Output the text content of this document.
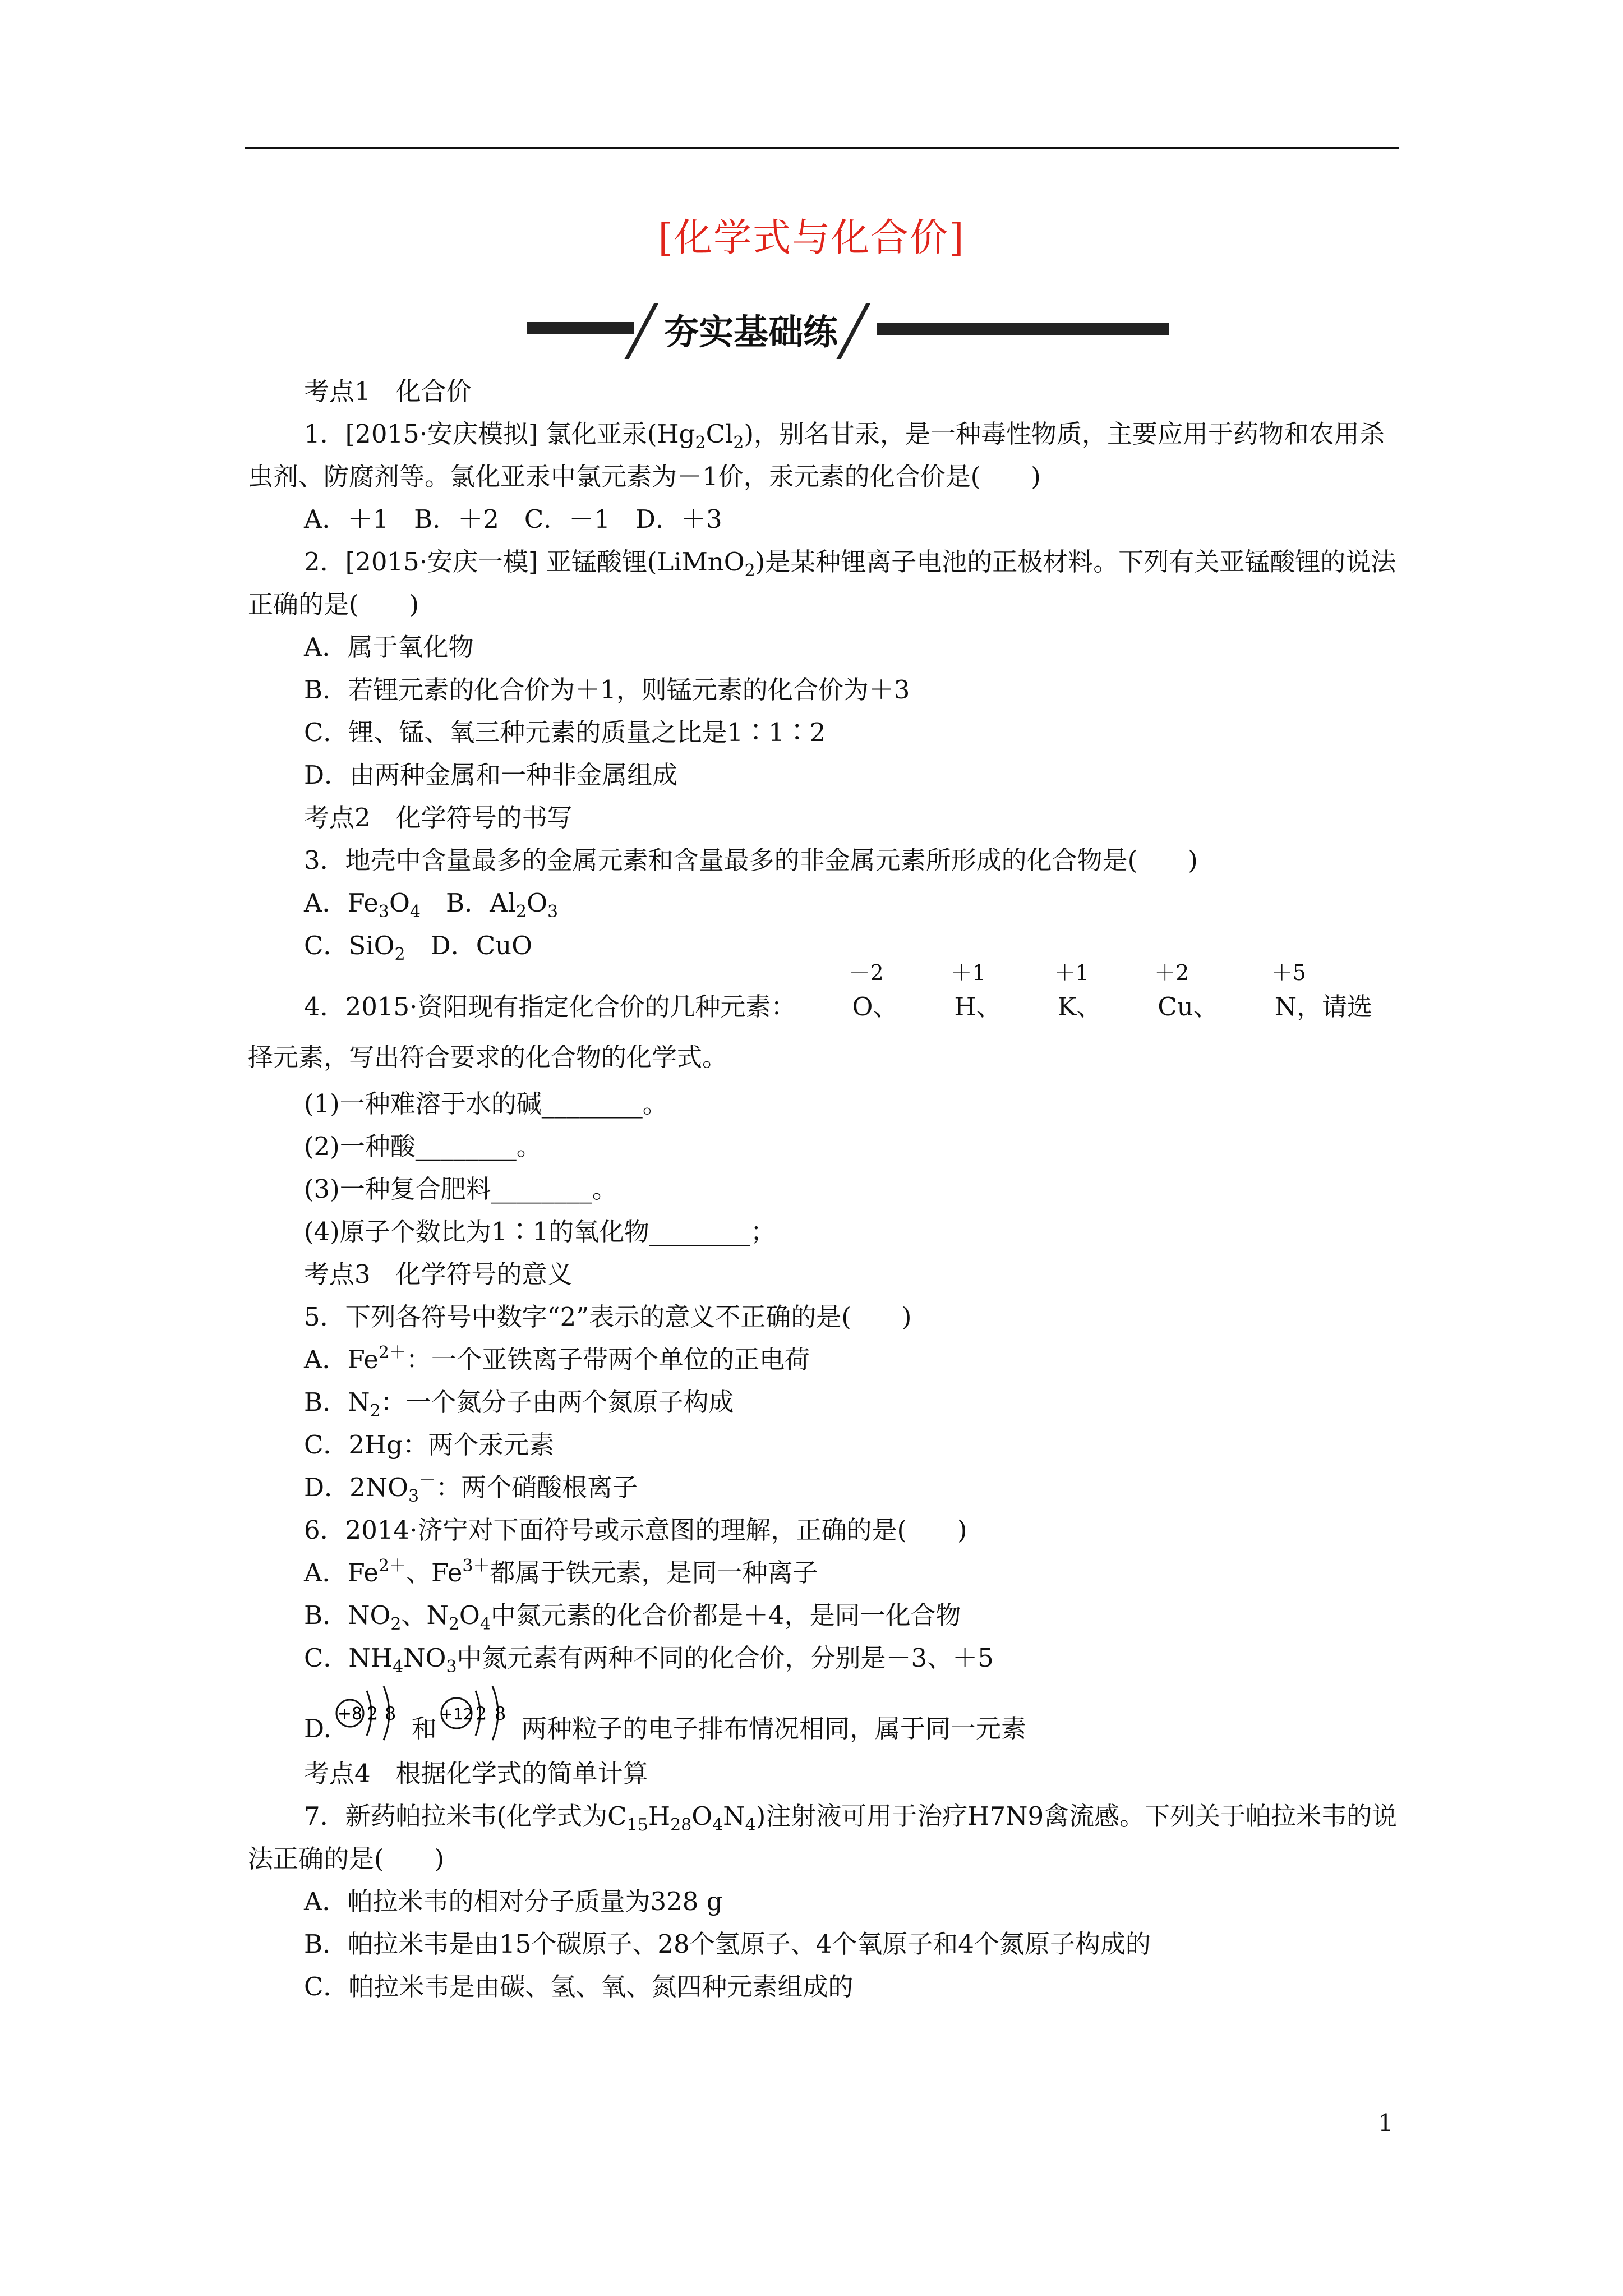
[化学式与化合价]
夯实基础练

考点1　化合价

1．[2015·安庆模拟] 氯化亚汞$(Hg_2Cl_2)$，别名甘汞，是一种毒性物质，主要应用于药物和农用杀虫剂、防腐剂等。氯化亚汞中氯元素为－1价，汞元素的化合价是(　　)

A．＋1　B．＋2　C．－1　D．＋3

2．[2015·安庆一模] 亚锰酸锂(LiMnO$_2$)是某种锂离子电池的正极材料。下列有关亚锰酸锂的说法正确的是(　　)

A．属于氧化物

B．若锂元素的化合价为＋1，则锰元素的化合价为＋3

C．锂、锰、氧三种元素的质量之比是1∶1∶2

D．由两种金属和一种非金属组成

考点2　化学符号的书写

3．地壳中含量最多的金属元素和含量最多的非金属元素所形成的化合物是(　　)

A．$Fe_3O_4$　B．$Al_2O_3$

C．SiO$_2$　D．CuO

4．2015·资阳现有指定化合价的几种元素：
－2
O、
＋1
H、
＋1
K、
＋2
Cu、
＋5
N，请选择元素，写出符合要求的化合物的化学式。

(1)一种难溶于水的碱________。

(2)一种酸________。

(3)一种复合肥料________。

(4)原子个数比为1∶1的氧化物________；

考点3　化学符号的意义

5．下列各符号中数字“2”表示的意义不正确的是(　　)

A．$Fe^{2+}$：一个亚铁离子带两个单位的正电荷

B．$N_2$：一个氮分子由两个氮原子构成

C．2Hg：两个汞元素

D．$2NO_3^-$：两个硝酸根离子

6．2014·济宁对下面符号或示意图的理解，正确的是(　　)

A．$Fe^{2+}$、$Fe^{3+}$都属于铁元素，是同一种离子

B．$NO_2$、$N_2O_4$中氮元素的化合价都是＋4，是同一化合物

C．$NH_4NO_3$中氮元素有两种不同的化合价，分别是－3、＋5

D. +8 2 8 和 +12 2 8 两种粒子的电子排布情况相同，属于同一元素

考点4　根据化学式的简单计算

7．新药帕拉米韦(化学式为$C_{15}H_{28}O_4N_4$)注射液可用于治疗H7N9禽流感。下列关于帕拉米韦的说法正确的是(　　)

A．帕拉米韦的相对分子质量为328 g

B．帕拉米韦是由15个碳原子、28个氢原子、4个氧原子和4个氮原子构成的

C．帕拉米韦是由碳、氢、氧、氮四种元素组成的

1
